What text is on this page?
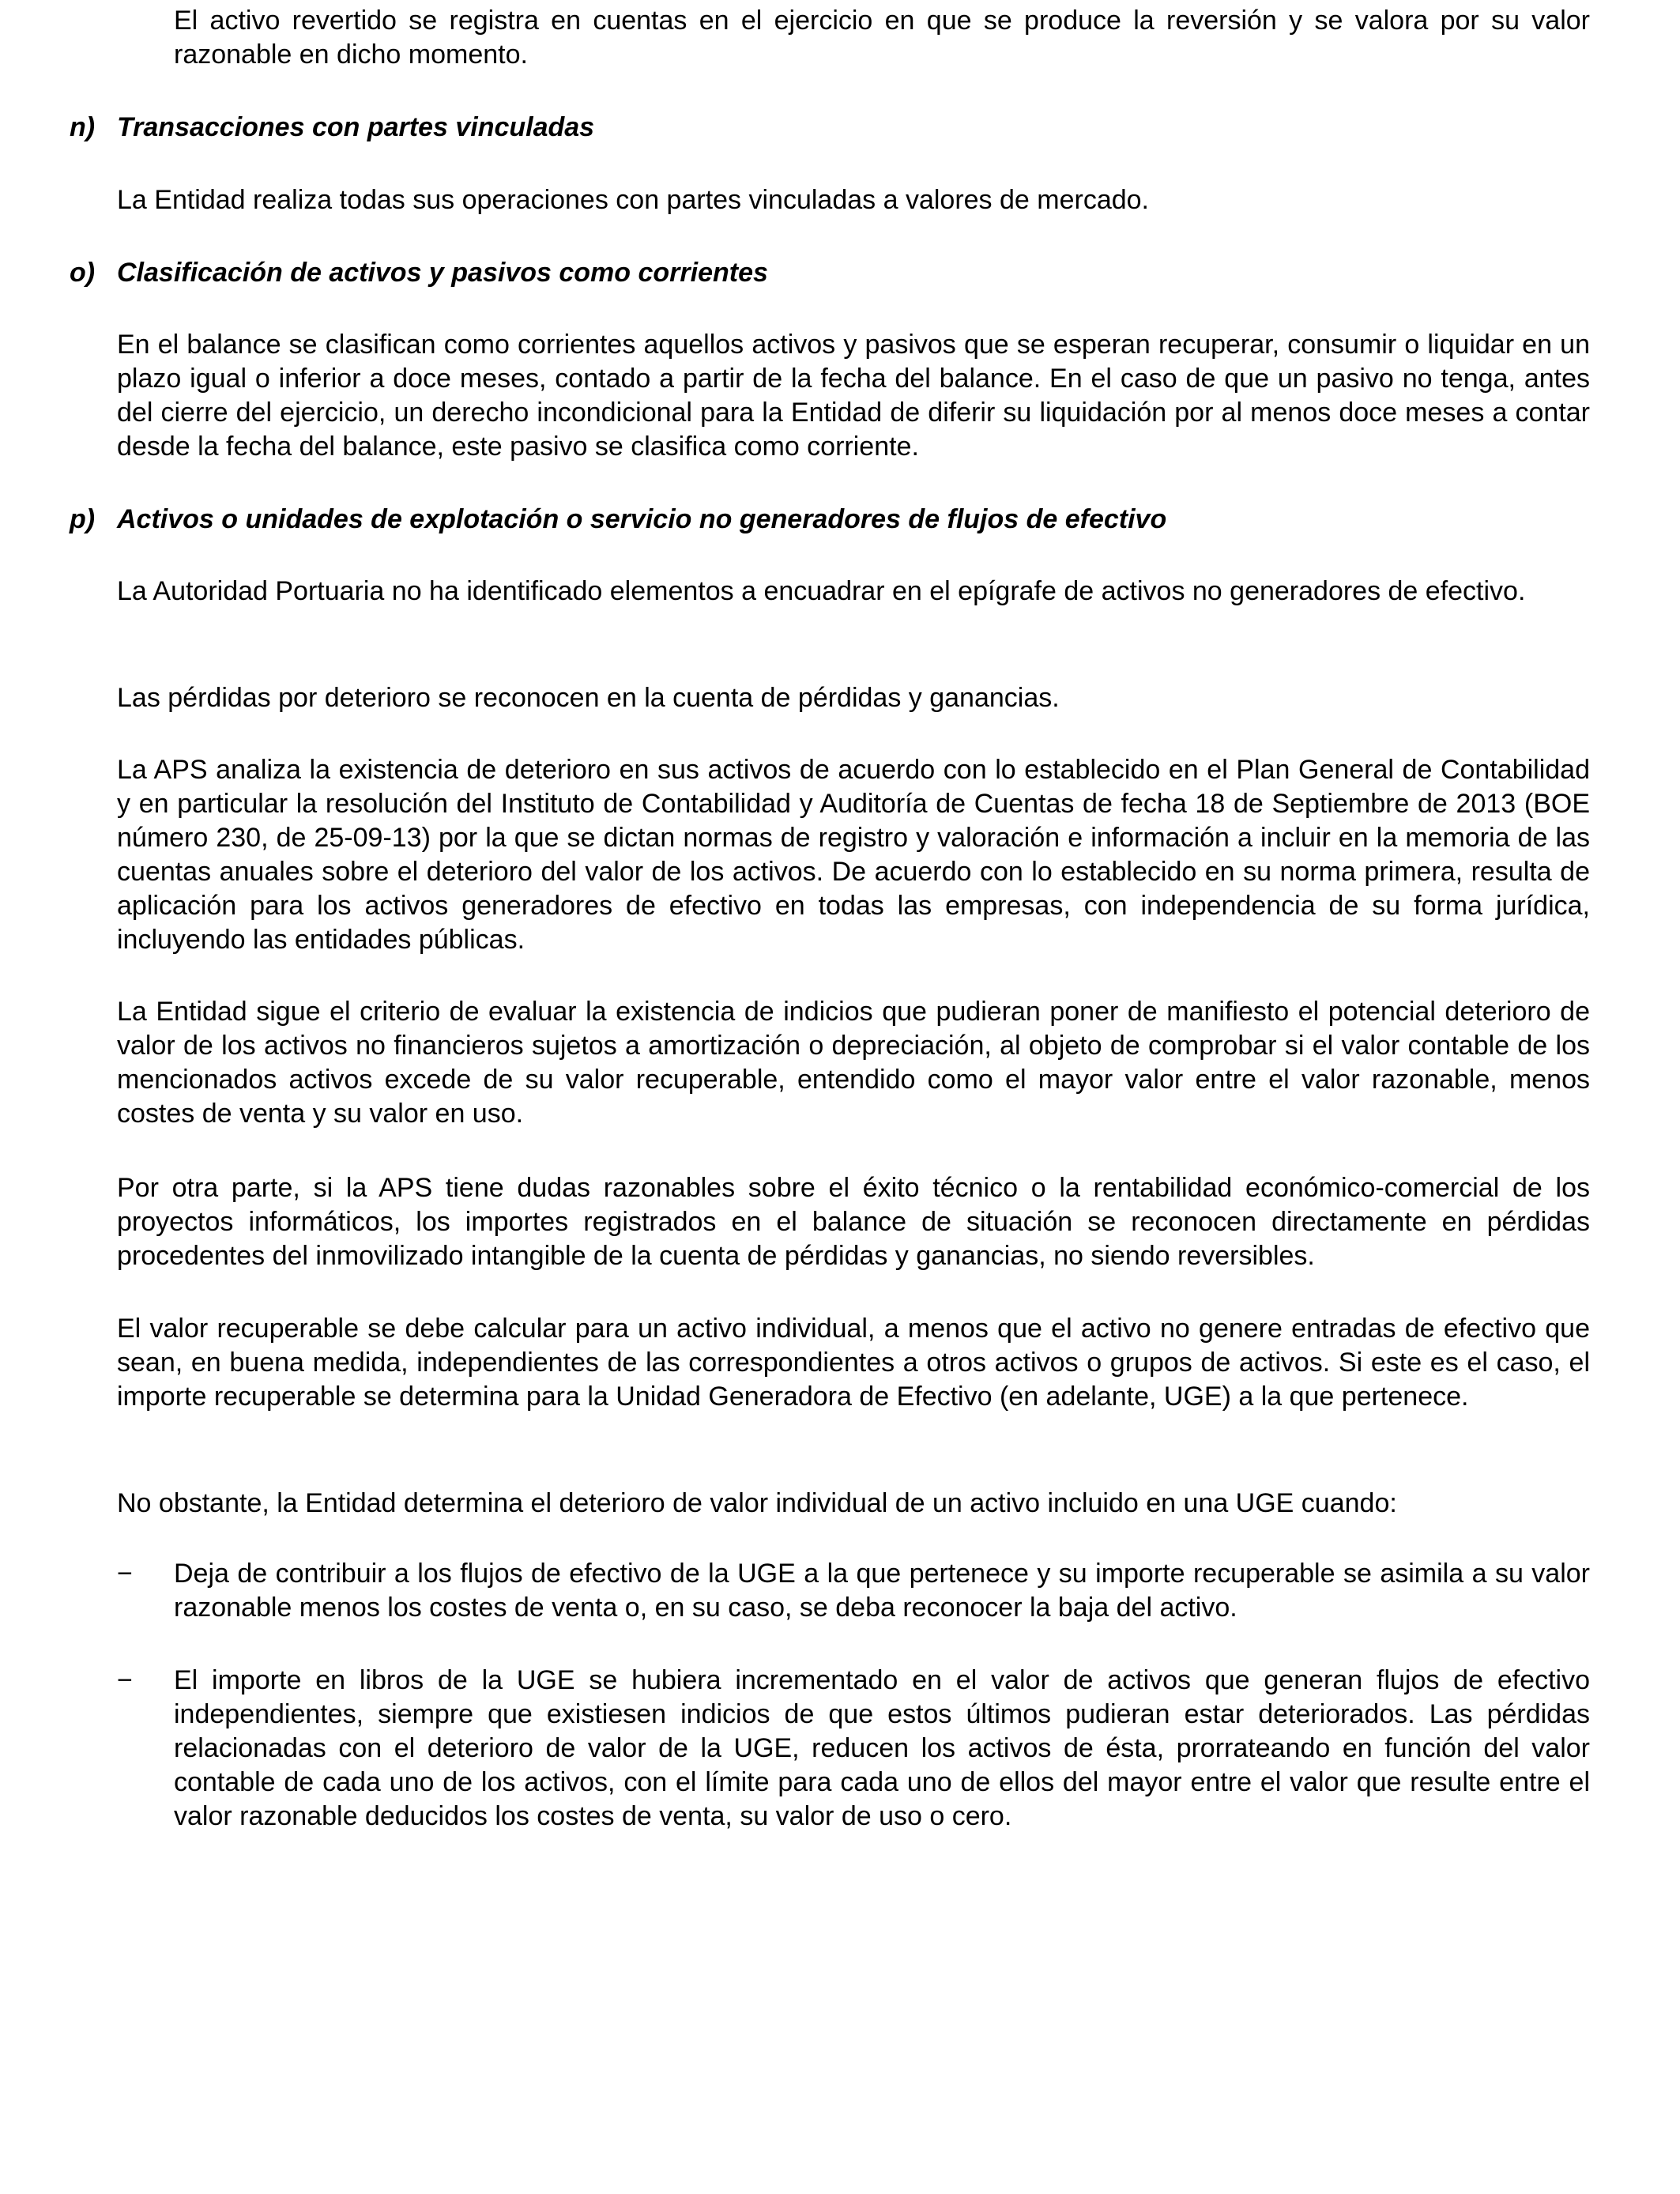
El activo revertido se registra en cuentas en el ejercicio en que se produce la reversión y se valora por su valor razonable en dicho momento.

n) Transacciones con partes vinculadas

La Entidad realiza todas sus operaciones con partes vinculadas a valores de mercado.

o) Clasificación de activos y pasivos como corrientes

En el balance se clasifican como corrientes aquellos activos y pasivos que se esperan recuperar, consumir o liquidar en un plazo igual o inferior a doce meses, contado a partir de la fecha del balance. En el caso de que un pasivo no tenga, antes del cierre del ejercicio, un derecho incondicional para la Entidad de diferir su liquidación por al menos doce meses a contar desde la fecha del balance, este pasivo se clasifica como corriente.

p) Activos o unidades de explotación o servicio no generadores de flujos de efectivo

La Autoridad Portuaria no ha identificado elementos a encuadrar en el epígrafe de activos no generadores de efectivo.

Las pérdidas por deterioro se reconocen en la cuenta de pérdidas y ganancias.

La APS analiza la existencia de deterioro en sus activos de acuerdo con lo establecido en el Plan General de Contabilidad y en particular la resolución del Instituto de Contabilidad y Auditoría de Cuentas de fecha 18 de Septiembre de 2013 (BOE número 230, de 25-09-13) por la que se dictan normas de registro y valoración e información a incluir en la memoria de las cuentas anuales sobre el deterioro del valor de los activos. De acuerdo con lo establecido en su norma primera, resulta de aplicación para los activos generadores de efectivo en todas las empresas, con independencia de su forma jurídica, incluyendo las entidades públicas.

La Entidad sigue el criterio de evaluar la existencia de indicios que pudieran poner de manifiesto el potencial deterioro de valor de los activos no financieros sujetos a amortización o depreciación, al objeto de comprobar si el valor contable de los mencionados activos excede de su valor recuperable, entendido como el mayor valor entre el valor razonable, menos costes de venta y su valor en uso.

Por otra parte, si la APS tiene dudas razonables sobre el éxito técnico o la rentabilidad económico-comercial de los proyectos informáticos, los importes registrados en el balance de situación se reconocen directamente en pérdidas procedentes del inmovilizado intangible de la cuenta de pérdidas y ganancias, no siendo reversibles.

El valor recuperable se debe calcular para un activo individual, a menos que el activo no genere entradas de efectivo que sean, en buena medida, independientes de las correspondientes a otros activos o grupos de activos. Si este es el caso, el importe recuperable se determina para la Unidad Generadora de Efectivo (en adelante, UGE) a la que pertenece.

No obstante, la Entidad determina el deterioro de valor individual de un activo incluido en una UGE cuando:

−	Deja de contribuir a los flujos de efectivo de la UGE a la que pertenece y su importe recuperable se asimila a su valor razonable menos los costes de venta o, en su caso, se deba reconocer la baja del activo.

−	El importe en libros de la UGE se hubiera incrementado en el valor de activos que generan flujos de efectivo independientes, siempre que existiesen indicios de que estos últimos pudieran estar deteriorados. Las pérdidas relacionadas con el deterioro de valor de la UGE, reducen los activos de ésta, prorrateando en función del valor contable de cada uno de los activos, con el límite para cada uno de ellos del mayor entre el valor que resulte entre el valor razonable deducidos los costes de venta, su valor de uso o cero.
